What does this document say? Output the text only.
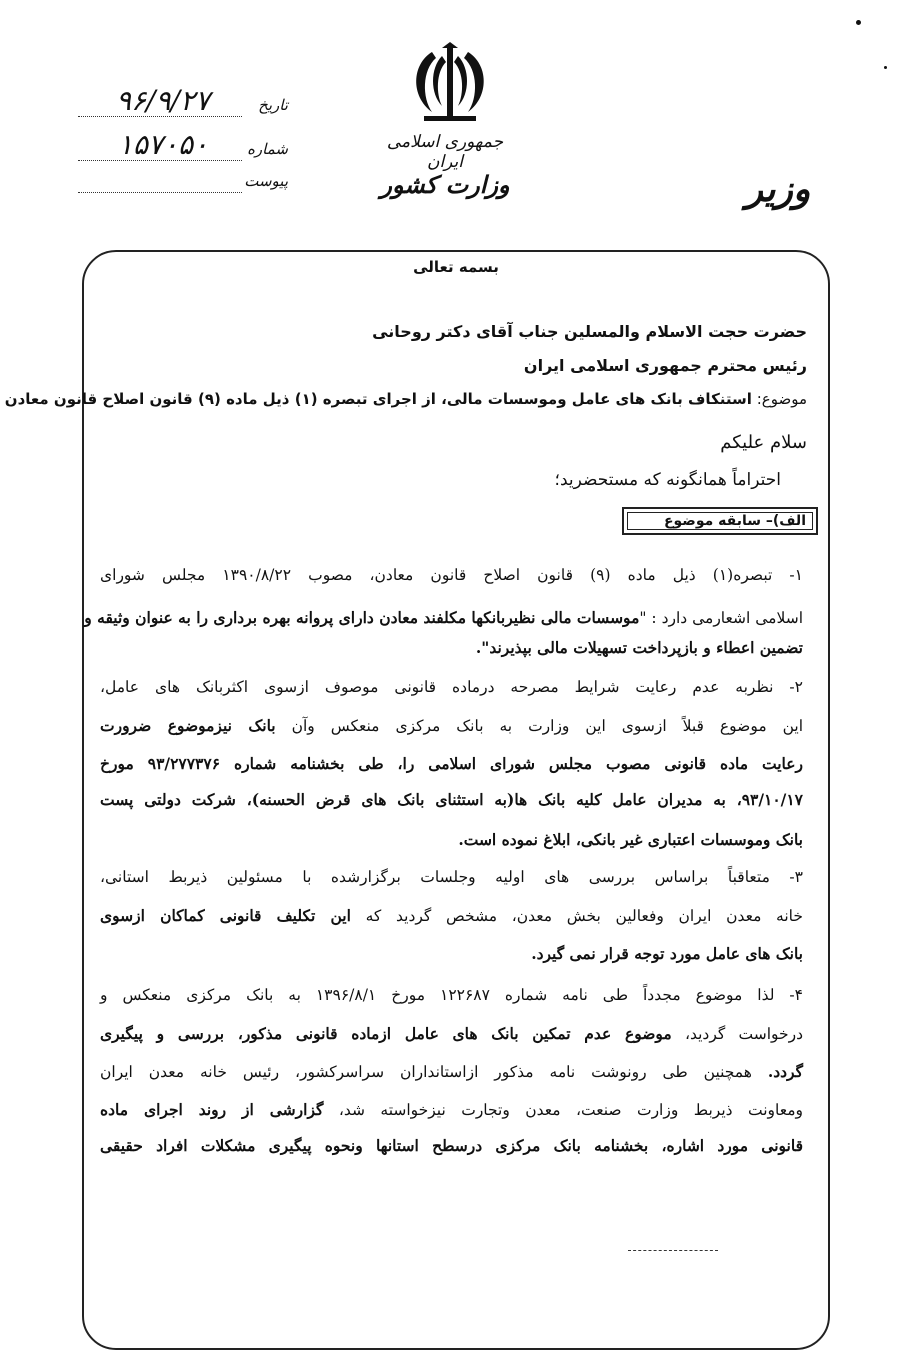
جمهوری اسلامی ایران
وزارت کشور	وزیر
تاریخ
۹۶/۹/۲۷
شماره
۱۵۷۰۵۰
پیوست
بسمه تعالی
حضرت حجت الاسلام والمسلین جناب آقای دکتر روحانی
رئیس محترم جمهوری اسلامی ایران
موضوع: استنکاف بانک های عامل وموسسات مالی، از اجرای تبصره (۱) ذیل ماده (۹) قانون اصلاح قانون معادن
سلام علیکم
احتراماً همانگونه که مستحضرید؛
الف)– سابقه موضوع
۱- تبصره(۱) ذیل ماده (۹) قانون اصلاح قانون معادن، مصوب ۱۳۹۰/۸/۲۲ مجلس شورای
اسلامی اشعارمی دارد : "موسسات مالی نظیربانکها مکلفند معادن دارای پروانه بهره برداری را به عنوان وثیقه و
تضمین اعطاء و بازپرداخت تسهیلات مالی بپذیرند".
۲- نظربه عدم رعایت شرایط مصرحه درماده قانونی موصوف ازسوی اکثربانک های عامل،
این موضوع قبلاً ازسوی این وزارت به بانک مرکزی منعکس وآن بانک نیزموضوع ضرورت
رعایت ماده قانونی مصوب مجلس شورای اسلامی را، طی بخشنامه شماره ۹۳/۲۷۷۳۷۶ مورخ
۹۳/۱۰/۱۷، به مدیران عامل کلیه بانک ها(به استثنای بانک های قرض الحسنه)، شرکت دولتی پست
بانک وموسسات اعتباری غیر بانکی، ابلاغ نموده است.
۳- متعاقباً براساس بررسی های اولیه وجلسات برگزارشده با مسئولین ذیربط استانی،
خانه معدن ایران وفعالین بخش معدن، مشخص گردید که این تکلیف قانونی کماکان ازسوی
بانک های عامل مورد توجه قرار نمی گیرد.
۴- لذا موضوع مجدداً طی نامه شماره ۱۲۲۶۸۷ مورخ ۱۳۹۶/۸/۱ به بانک مرکزی منعکس و
درخواست گردید، موضوع عدم تمکین بانک های عامل ازماده قانونی مذکور، بررسی و پیگیری
گردد. همچنین طی رونوشت نامه مذکور ازاستانداران سراسرکشور، رئیس خانه معدن ایران
ومعاونت ذیربط وزارت صنعت، معدن وتجارت نیزخواسته شد، گزارشی از روند اجرای ماده
قانونی مورد اشاره، بخشنامه بانک مرکزی درسطح استانها ونحوه پیگیری مشکلات افراد حقیقی
